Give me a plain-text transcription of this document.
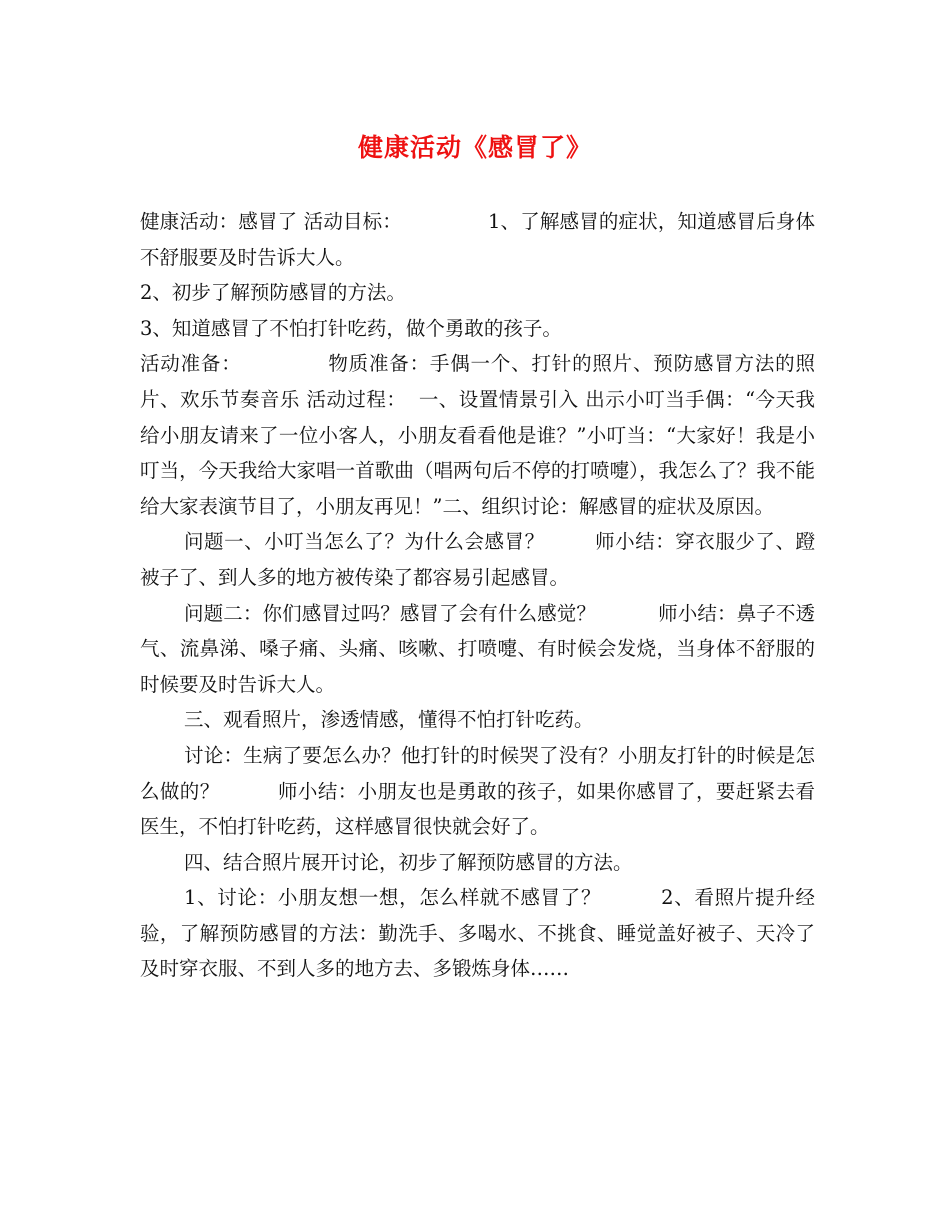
健康活动《感冒了》

健康活动：感冒了 活动目标：	1、了解感冒的症状，知道感冒后身体不舒服要及时告诉大人。

2、初步了解预防感冒的方法。

3、知道感冒了不怕打针吃药，做个勇敢的孩子。

活动准备：	物质准备：手偶一个、打针的照片、预防感冒方法的照片、欢乐节奏音乐 活动过程： 一、设置情景引入 出示小叮当手偶：“今天我给小朋友请来了一位小客人，小朋友看看他是谁？”小叮当：“大家好！我是小叮当，今天我给大家唱一首歌曲（唱两句后不停的打喷嚏），我怎么了？我不能给大家表演节目了，小朋友再见！”二、组织讨论：解感冒的症状及原因。

问题一、小叮当怎么了？为什么会感冒？	师小结：穿衣服少了、蹬被子了、到人多的地方被传染了都容易引起感冒。

问题二：你们感冒过吗？感冒了会有什么感觉？	师小结：鼻子不透气、流鼻涕、嗓子痛、头痛、咳嗽、打喷嚏、有时候会发烧，当身体不舒服的时候要及时告诉大人。

三、观看照片，渗透情感，懂得不怕打针吃药。

讨论：生病了要怎么办？他打针的时候哭了没有？小朋友打针的时候是怎么做的？	师小结：小朋友也是勇敢的孩子，如果你感冒了，要赶紧去看医生，不怕打针吃药，这样感冒很快就会好了。

四、结合照片展开讨论，初步了解预防感冒的方法。

1、讨论：小朋友想一想，怎么样就不感冒了？	2、看照片提升经验，了解预防感冒的方法：勤洗手、多喝水、不挑食、睡觉盖好被子、天冷了及时穿衣服、不到人多的地方去、多锻炼身体……
